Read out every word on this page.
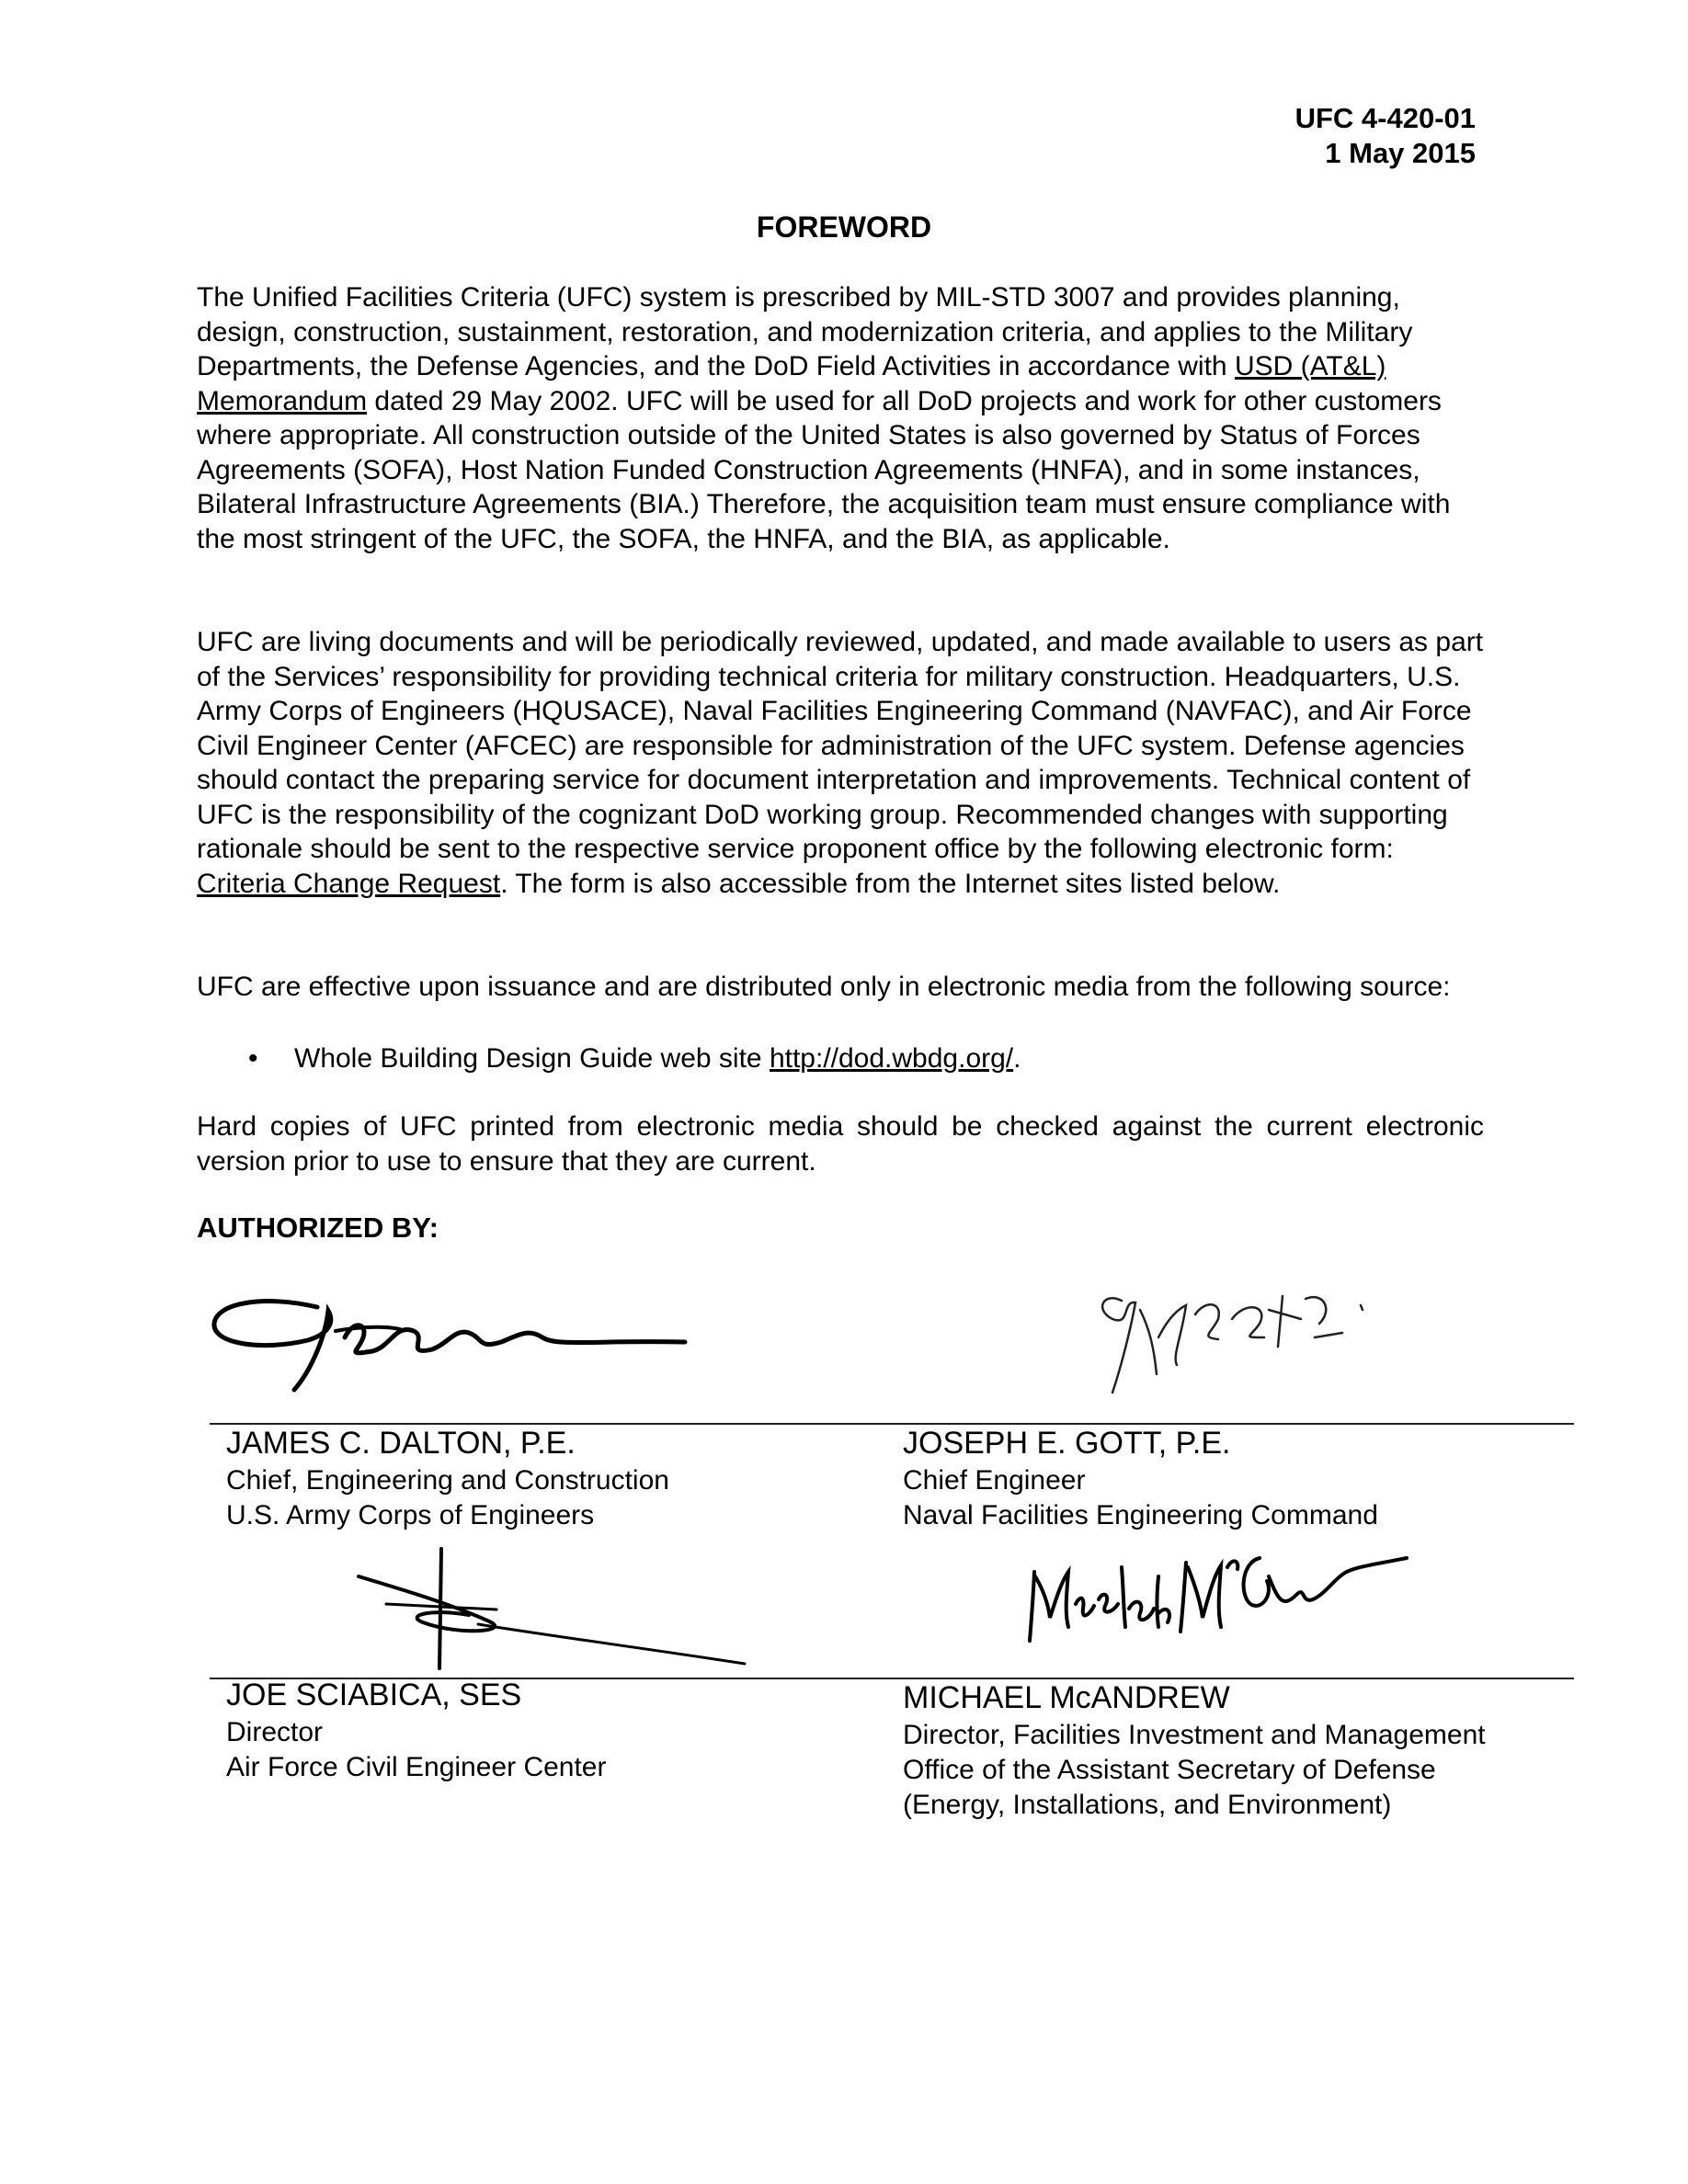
UFC 4-420-01
1 May 2015
FOREWORD

The Unified Facilities Criteria (UFC) system is prescribed by MIL-STD 3007 and provides planning, design, construction, sustainment, restoration, and modernization criteria, and applies to the Military Departments, the Defense Agencies, and the DoD Field Activities in accordance with USD (AT&L) Memorandum dated 29 May 2002. UFC will be used for all DoD projects and work for other customers where appropriate. All construction outside of the United States is also governed by Status of Forces Agreements (SOFA), Host Nation Funded Construction Agreements (HNFA), and in some instances, Bilateral Infrastructure Agreements (BIA.) Therefore, the acquisition team must ensure compliance with the most stringent of the UFC, the SOFA, the HNFA, and the BIA, as applicable.

UFC are living documents and will be periodically reviewed, updated, and made available to users as part of the Services’ responsibility for providing technical criteria for military construction. Headquarters, U.S. Army Corps of Engineers (HQUSACE), Naval Facilities Engineering Command (NAVFAC), and Air Force Civil Engineer Center (AFCEC) are responsible for administration of the UFC system. Defense agencies should contact the preparing service for document interpretation and improvements. Technical content of UFC is the responsibility of the cognizant DoD working group. Recommended changes with supporting rationale should be sent to the respective service proponent office by the following electronic form: Criteria Change Request. The form is also accessible from the Internet sites listed below.

UFC are effective upon issuance and are distributed only in electronic media from the following source:

• Whole Building Design Guide web site http://dod.wbdg.org/.

Hard copies of UFC printed from electronic media should be checked against the current electronic version prior to use to ensure that they are current.

AUTHORIZED BY:
JAMES C. DALTON, P.E.
Chief, Engineering and Construction
U.S. Army Corps of Engineers
JOSEPH E. GOTT, P.E.
Chief Engineer
Naval Facilities Engineering Command
JOE SCIABICA, SES
Director
Air Force Civil Engineer Center
MICHAEL McANDREW
Director, Facilities Investment and Management
Office of the Assistant Secretary of Defense
(Energy, Installations, and Environment)
